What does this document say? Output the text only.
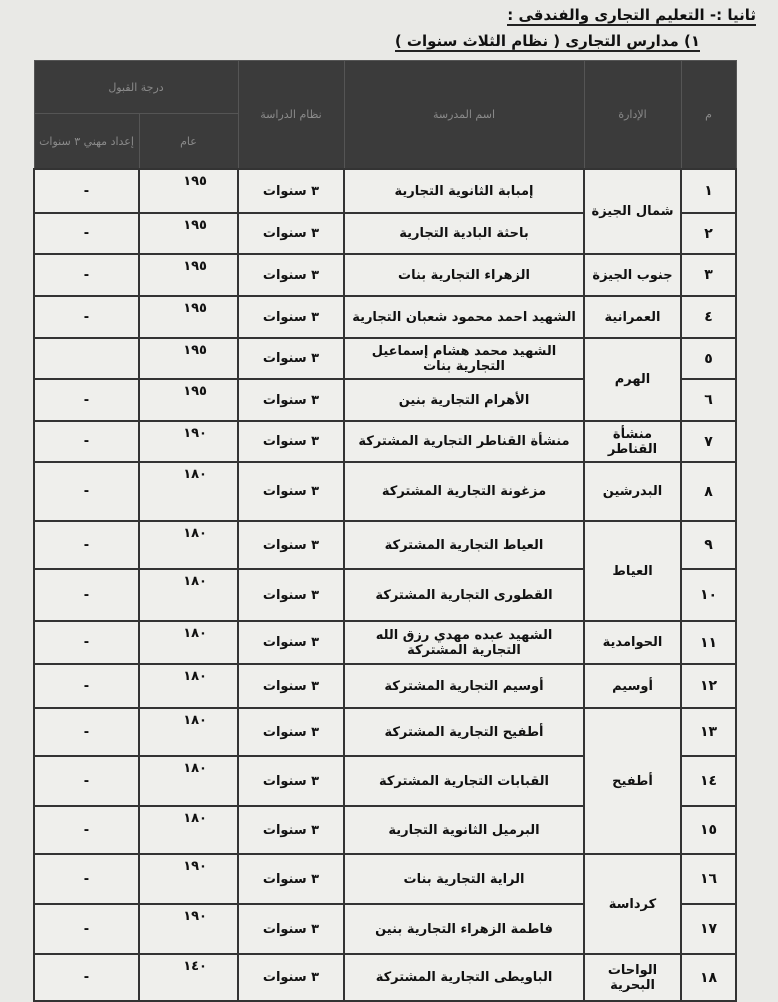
ثانيا :- التعليم التجارى والفندقى :
١) مدارس التجارى ( نظام الثلاث سنوات )
م	الإدارة	اسم المدرسة	نظام الدراسة	درجة القبول	
				عام	إعداد مهني ٣ سنوات
١	شمال الجيزة	إمبابة الثانوية التجارية	٣ سنوات	١٩٥	-
٢		باحثة البادية التجارية	٣ سنوات	١٩٥	-
٣	جنوب الجيزة	الزهراء التجارية بنات	٣ سنوات	١٩٥	-
٤	العمرانية	الشهيد احمد محمود شعبان التجارية	٣ سنوات	١٩٥	-
٥	الهرم	الشهيد محمد هشام إسماعيل التجارية بنات	٣ سنوات	١٩٥	
٦		الأهرام التجارية بنين	٣ سنوات	١٩٥	-
٧	منشأة القناطر	منشأة القناطر التجارية المشتركة	٣ سنوات	١٩٠	-
٨	البدرشين	مزغونة التجارية المشتركة	٣ سنوات	١٨٠	-
٩	العياط	العياط التجارية المشتركة	٣ سنوات	١٨٠	-
١٠		القطورى التجارية المشتركة	٣ سنوات	١٨٠	-
١١	الحوامدية	الشهيد عبده مهدي رزق الله التجارية المشتركة	٣ سنوات	١٨٠	-
١٢	أوسيم	أوسيم التجارية المشتركة	٣ سنوات	١٨٠	-
١٣	أطفيح	أطفيح التجارية المشتركة	٣ سنوات	١٨٠	-
١٤		القبابات التجارية المشتركة	٣ سنوات	١٨٠	-
١٥		البرميل الثانوية التجارية	٣ سنوات	١٨٠	-
١٦	كرداسة	الراية التجارية بنات	٣ سنوات	١٩٠	-
١٧		فاطمة الزهراء التجارية بنين	٣ سنوات	١٩٠	-
١٨	الواحات البحرية	الباويطى التجارية المشتركة	٣ سنوات	١٤٠	-
